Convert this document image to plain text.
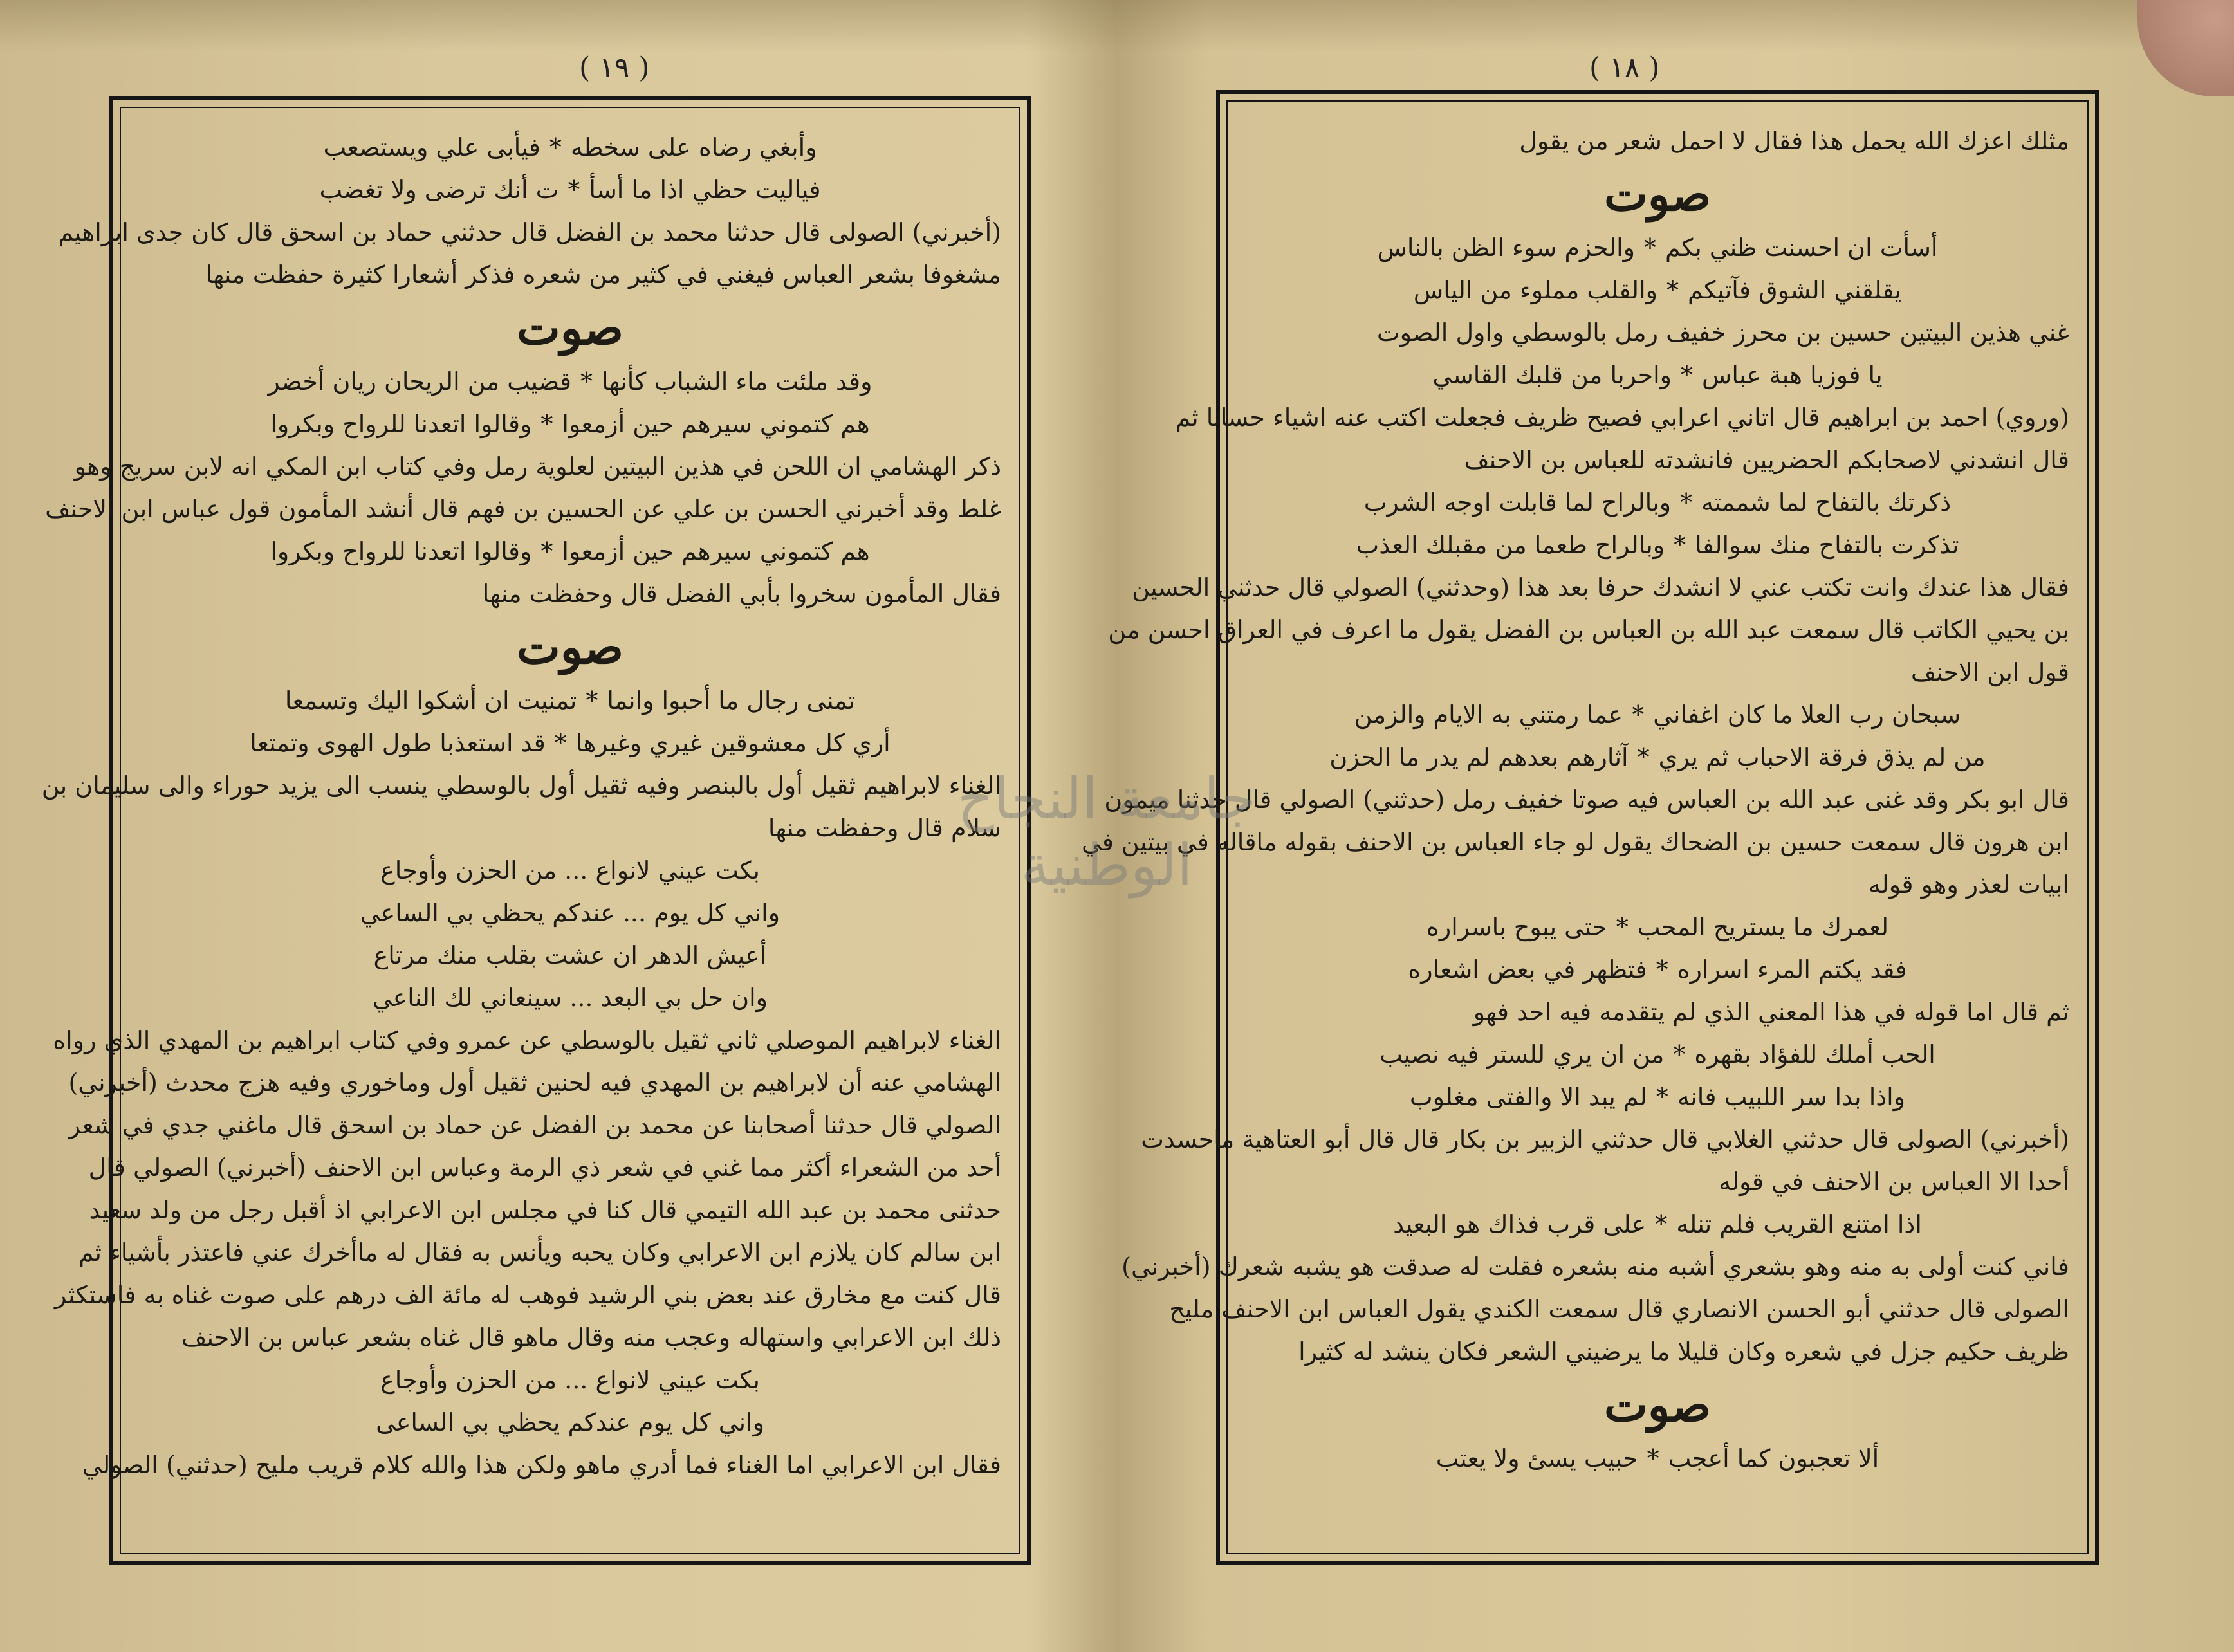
( ١٩ )
وأبغي رضاه على سخطه*فيأبى علي ويستصعب
فياليت حظي اذا ما أسأ*ت أنك ترضى ولا تغضب
(أخبرني) الصولى قال حدثنا محمد بن الفضل قال حدثني حماد بن اسحق قال كان جدى ابراهيم
مشغوفا بشعر العباس فيغني في كثير من شعره فذكر أشعارا كثيرة حفظت منها
صوت
وقد ملئت ماء الشباب كأنها*قضيب من الريحان ريان أخضر
هم كتموني سيرهم حين أزمعوا*وقالوا اتعدنا للرواح وبكروا
ذكر الهشامي ان اللحن في هذين البيتين لعلوية رمل وفي كتاب ابن المكي انه لابن سريج وهو
غلط وقد أخبرني الحسن بن علي عن الحسين بن فهم قال أنشد المأمون قول عباس ابن الاحنف
هم كتموني سيرهم حين أزمعوا*وقالوا اتعدنا للرواح وبكروا
فقال المأمون سخروا بأبي الفضل قال وحفظت منها
صوت
تمنى رجال ما أحبوا وانما*تمنيت ان أشكوا اليك وتسمعا
أري كل معشوقين غيري وغيرها*قد استعذبا طول الهوى وتمتعا
الغناء لابراهيم ثقيل أول بالبنصر وفيه ثقيل أول بالوسطي ينسب الى يزيد حوراء والى سليمان بن
سلام قال وحفظت منها
بكت عيني لانواع ... من الحزن وأوجاع
واني كل يوم ... عندكم يحظي بي الساعي
أعيش الدهر ان عشت بقلب منك مرتاع
وان حل بي البعد ... سينعاني لك الناعي
الغناء لابراهيم الموصلي ثاني ثقيل بالوسطي عن عمرو وفي كتاب ابراهيم بن المهدي الذي رواه
الهشامي عنه أن لابراهيم بن المهدي فيه لحنين ثقيل أول وماخوري وفيه هزج محدث (أخبرني)
الصولي قال حدثنا أصحابنا عن محمد بن الفضل عن حماد بن اسحق قال ماغني جدي في شعر
أحد من الشعراء أكثر مما غني في شعر ذي الرمة وعباس ابن الاحنف (أخبرني) الصولي قال
حدثنى محمد بن عبد الله التيمي قال كنا في مجلس ابن الاعرابي اذ أقبل رجل من ولد سعيد
ابن سالم كان يلازم ابن الاعرابي وكان يحبه ويأنس به فقال له ماأخرك عني فاعتذر بأشياء ثم
قال كنت مع مخارق عند بعض بني الرشيد فوهب له مائة الف درهم على صوت غناه به فاستكثر
ذلك ابن الاعرابي واستهاله وعجب منه وقال ماهو قال غناه بشعر عباس بن الاحنف
بكت عيني لانواع ... من الحزن وأوجاع
واني كل يوم عندكم يحظي بي الساعى
فقال ابن الاعرابي اما الغناء فما أدري ماهو ولكن هذا والله كلام قريب مليح (حدثني) الصولي
( ١٨ )
مثلك اعزك الله يحمل هذا فقال لا احمل شعر من يقول
صوت
أسأت ان احسنت ظني بكم*والحزم سوء الظن بالناس
يقلقني الشوق فآتيكم*والقلب مملوء من الياس
غني هذين البيتين حسين بن محرز خفيف رمل بالوسطي واول الصوت
يا فوزيا هبة عباس*واحربا من قلبك القاسي
(وروي) احمد بن ابراهيم قال اتاني اعرابي فصيح ظريف فجعلت اكتب عنه اشياء حسانا ثم
قال انشدني لاصحابكم الحضريين فانشدته للعباس بن الاحنف
ذكرتك بالتفاح لما شممته*وبالراح لما قابلت اوجه الشرب
تذكرت بالتفاح منك سوالفا*وبالراح طعما من مقبلك العذب
فقال هذا عندك وانت تكتب عني لا انشدك حرفا بعد هذا (وحدثني) الصولي قال حدثني الحسين
بن يحيي الكاتب قال سمعت عبد الله بن العباس بن الفضل يقول ما اعرف في العراق احسن من
قول ابن الاحنف
سبحان رب العلا ما كان اغفاني*عما رمتني به الايام والزمن
من لم يذق فرقة الاحباب ثم يري*آثارهم بعدهم لم يدر ما الحزن
قال ابو بكر وقد غنى عبد الله بن العباس فيه صوتا خفيف رمل (حدثني) الصولي قال حدثنا ميمون
ابن هرون قال سمعت حسين بن الضحاك يقول لو جاء العباس بن الاحنف بقوله ماقاله في بيتين في
ابيات لعذر وهو قوله
لعمرك ما يستريح المحب*حتى يبوح باسراره
فقد يكتم المرء اسراره*فتظهر في بعض اشعاره
ثم قال اما قوله في هذا المعني الذي لم يتقدمه فيه احد فهو
الحب أملك للفؤاد بقهره*من ان يري للستر فيه نصيب
واذا بدا سر اللبيب فانه*لم يبد الا والفتى مغلوب
(أخبرني) الصولى قال حدثني الغلابي قال حدثني الزبير بن بكار قال قال أبو العتاهية ماحسدت
أحدا الا العباس بن الاحنف في قوله
اذا امتنع القريب فلم تنله*على قرب فذاك هو البعيد
فاني كنت أولى به منه وهو بشعري أشبه منه بشعره فقلت له صدقت هو يشبه شعرك (أخبرني)
الصولى قال حدثني أبو الحسن الانصاري قال سمعت الكندي يقول العباس ابن الاحنف مليح
ظريف حكيم جزل في شعره وكان قليلا ما يرضيني الشعر فكان ينشد له كثيرا
صوت
ألا تعجبون كما أعجب*حبيب يسئ ولا يعتب
جامعة النجاح الوطنية
